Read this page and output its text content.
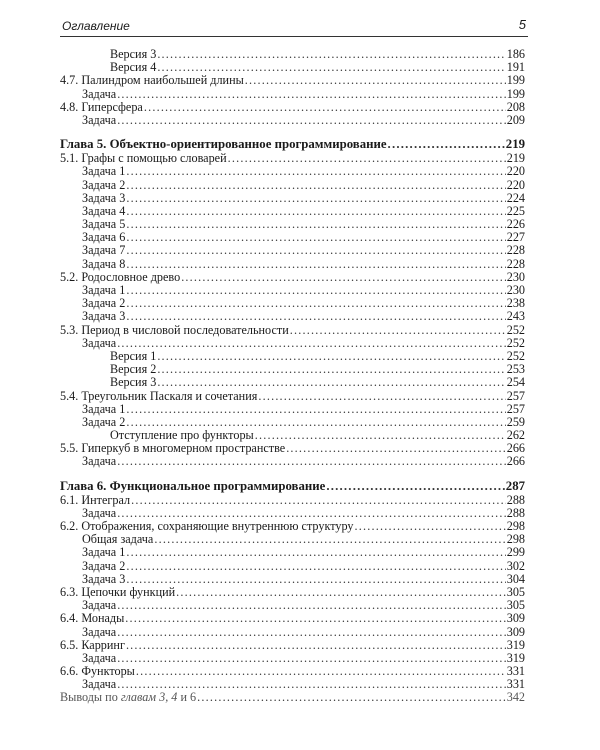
Оглавление	5
Версия 3 .....	186
Версия 4 .....	191
4.7. Палиндром наибольшей длины .....	199
Задача .....	199
4.8. Гиперсфера .....	208
Задача .....	209
Глава 5. Объектно-ориентированное программирование .....	219
5.1. Графы с помощью словарей .....	219
Задача 1 .....	220
Задача 2 .....	220
Задача 3 .....	224
Задача 4 .....	225
Задача 5 .....	226
Задача 6 .....	227
Задача 7 .....	228
Задача 8 .....	228
5.2. Родословное древо .....	230
Задача 1 .....	230
Задача 2 .....	238
Задача 3 .....	243
5.3. Период в числовой последовательности .....	252
Задача .....	252
Версия 1 .....	252
Версия 2 .....	253
Версия 3 .....	254
5.4. Треугольник Паскаля и сочетания .....	257
Задача 1 .....	257
Задача 2 .....	259
Отступление про функторы .....	262
5.5. Гиперкуб в многомерном пространстве .....	266
Задача .....	266
Глава 6. Функциональное программирование .....	287
6.1. Интеграл .....	288
Задача .....	288
6.2. Отображения, сохраняющие внутреннюю структуру .....	298
Общая задача .....	298
Задача 1 .....	299
Задача 2 .....	302
Задача 3 .....	304
6.3. Цепочки функций .....	305
Задача .....	305
6.4. Монады .....	309
Задача .....	309
6.5. Карринг .....	319
Задача .....	319
6.6. Функторы .....	331
Задача .....	331
Выводы по главам 3, 4 и 6 .....	342
